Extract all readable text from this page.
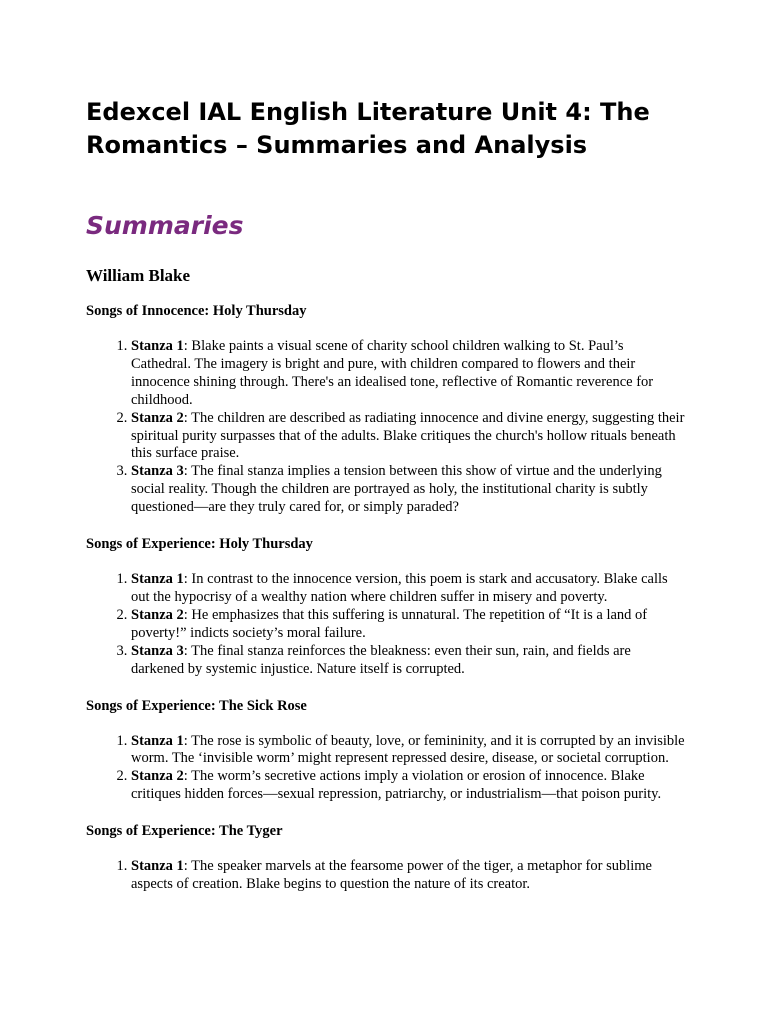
Edexcel IAL English Literature Unit 4: The Romantics – Summaries and Analysis
Summaries
William Blake
Songs of Innocence: Holy Thursday
1. Stanza 1: Blake paints a visual scene of charity school children walking to St. Paul’s Cathedral. The imagery is bright and pure, with children compared to flowers and their innocence shining through. There's an idealised tone, reflective of Romantic reverence for childhood.
2. Stanza 2: The children are described as radiating innocence and divine energy, suggesting their spiritual purity surpasses that of the adults. Blake critiques the church's hollow rituals beneath this surface praise.
3. Stanza 3: The final stanza implies a tension between this show of virtue and the underlying social reality. Though the children are portrayed as holy, the institutional charity is subtly questioned—are they truly cared for, or simply paraded?
Songs of Experience: Holy Thursday
1. Stanza 1: In contrast to the innocence version, this poem is stark and accusatory. Blake calls out the hypocrisy of a wealthy nation where children suffer in misery and poverty.
2. Stanza 2: He emphasizes that this suffering is unnatural. The repetition of “It is a land of poverty!” indicts society’s moral failure.
3. Stanza 3: The final stanza reinforces the bleakness: even their sun, rain, and fields are darkened by systemic injustice. Nature itself is corrupted.
Songs of Experience: The Sick Rose
1. Stanza 1: The rose is symbolic of beauty, love, or femininity, and it is corrupted by an invisible worm. The ‘invisible worm’ might represent repressed desire, disease, or societal corruption.
2. Stanza 2: The worm’s secretive actions imply a violation or erosion of innocence. Blake critiques hidden forces—sexual repression, patriarchy, or industrialism—that poison purity.
Songs of Experience: The Tyger
1. Stanza 1: The speaker marvels at the fearsome power of the tiger, a metaphor for sublime aspects of creation. Blake begins to question the nature of its creator.
